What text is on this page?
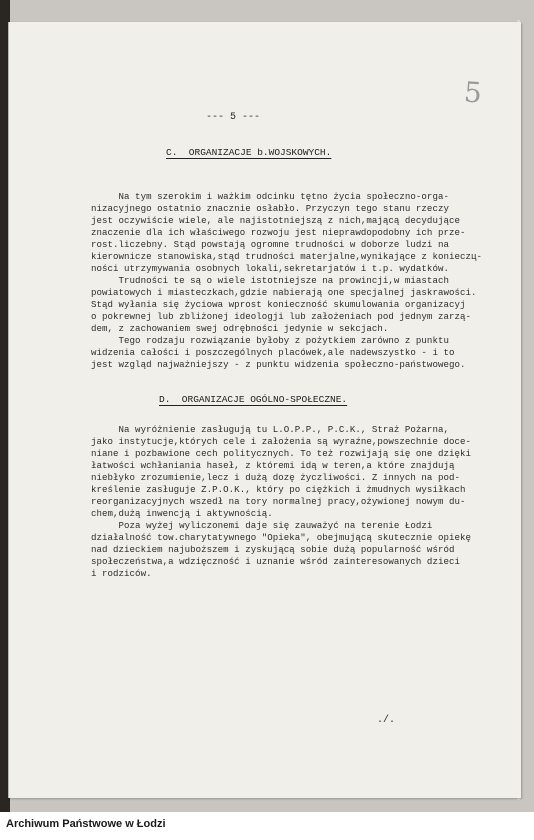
5
--- 5 ---
C.  ORGANIZACJE b.WOJSKOWYCH.
Na tym szerokim i ważkim odcinku tętno życia społeczno-orga-
nizacyjnego ostatnio znacznie osłabło. Przyczyn tego stanu rzeczy
jest oczywiście wiele, ale najistotniejszą z nich,mającą decydujące
znaczenie dla ich właściwego rozwoju jest nieprawdopodobny ich prze-
rost.liczebny. Stąd powstają ogromne trudności w doborze ludzi na
kierowniczе stanowiska,stąd trudności materjalne,wynikające z konieczц-
ności utrzymywania osobnych lokali,sekretarjatów i t.p. wydatków.
Trudności te są o wiele istotniejsze na prowincji,w miastach
powiatowych i miasteczkach,gdzie nabierają one specjalnej jaskrawości.
Stąd wyłania się życiowa wprost konieczność skumulowania organizacyj
o pokrewnej lub zbliżonej ideologji lub założeniach pod jednym zarzą-
dem, z zachowaniem swej odrębności jedynie w sekcjach.
Tego rodzaju rozwiązanie byłoby z pożytkiem zarówno z punktu
widzenia całości i poszczególnych placówek,ale nadewszystko - i to
jest wzgląd najważniejszy - z punktu widzenia społeczno-państwowego.
D.  ORGANIZACJE OGÓLNO-SPOŁECZNE.
Na wyróżnienie zasługują tu L.O.P.P., P.C.K., Straż Pożarna,
jako instytucje,których cele i założenia są wyraźne,powszechnie doce-
niane i pozbawione cech politycznych. To też rozwijają się one dzięki
łatwości wchłaniania haseł, z któremi idą w teren,a które znajdują
niebłyko zrozumienie,lecz i dużą dozę życzliwości. Z innych na pod-
kreślenie zasługuje Z.P.O.K., który po ciężkich i żmudnych wysiłkach
reorganizacyjnych wszedł na tory normalnej pracy,ożywionej nowym du-
chem,dużą inwencją i aktywnością.
Poza wyżej wyliczonemi daje się zauważyć na terenie Łodzi
działalność tow.charytatywnego "Opieka", obejmującą skutecznie opiekę
nad dzieckiem najuboższem i zyskującą sobie dużą popularność wśród
społeczeństwa,a wdzięczność i uznanie wśród zainteresowanych dzieci
i rodziców.
./.
Archiwum Państwowe w Łodzi
